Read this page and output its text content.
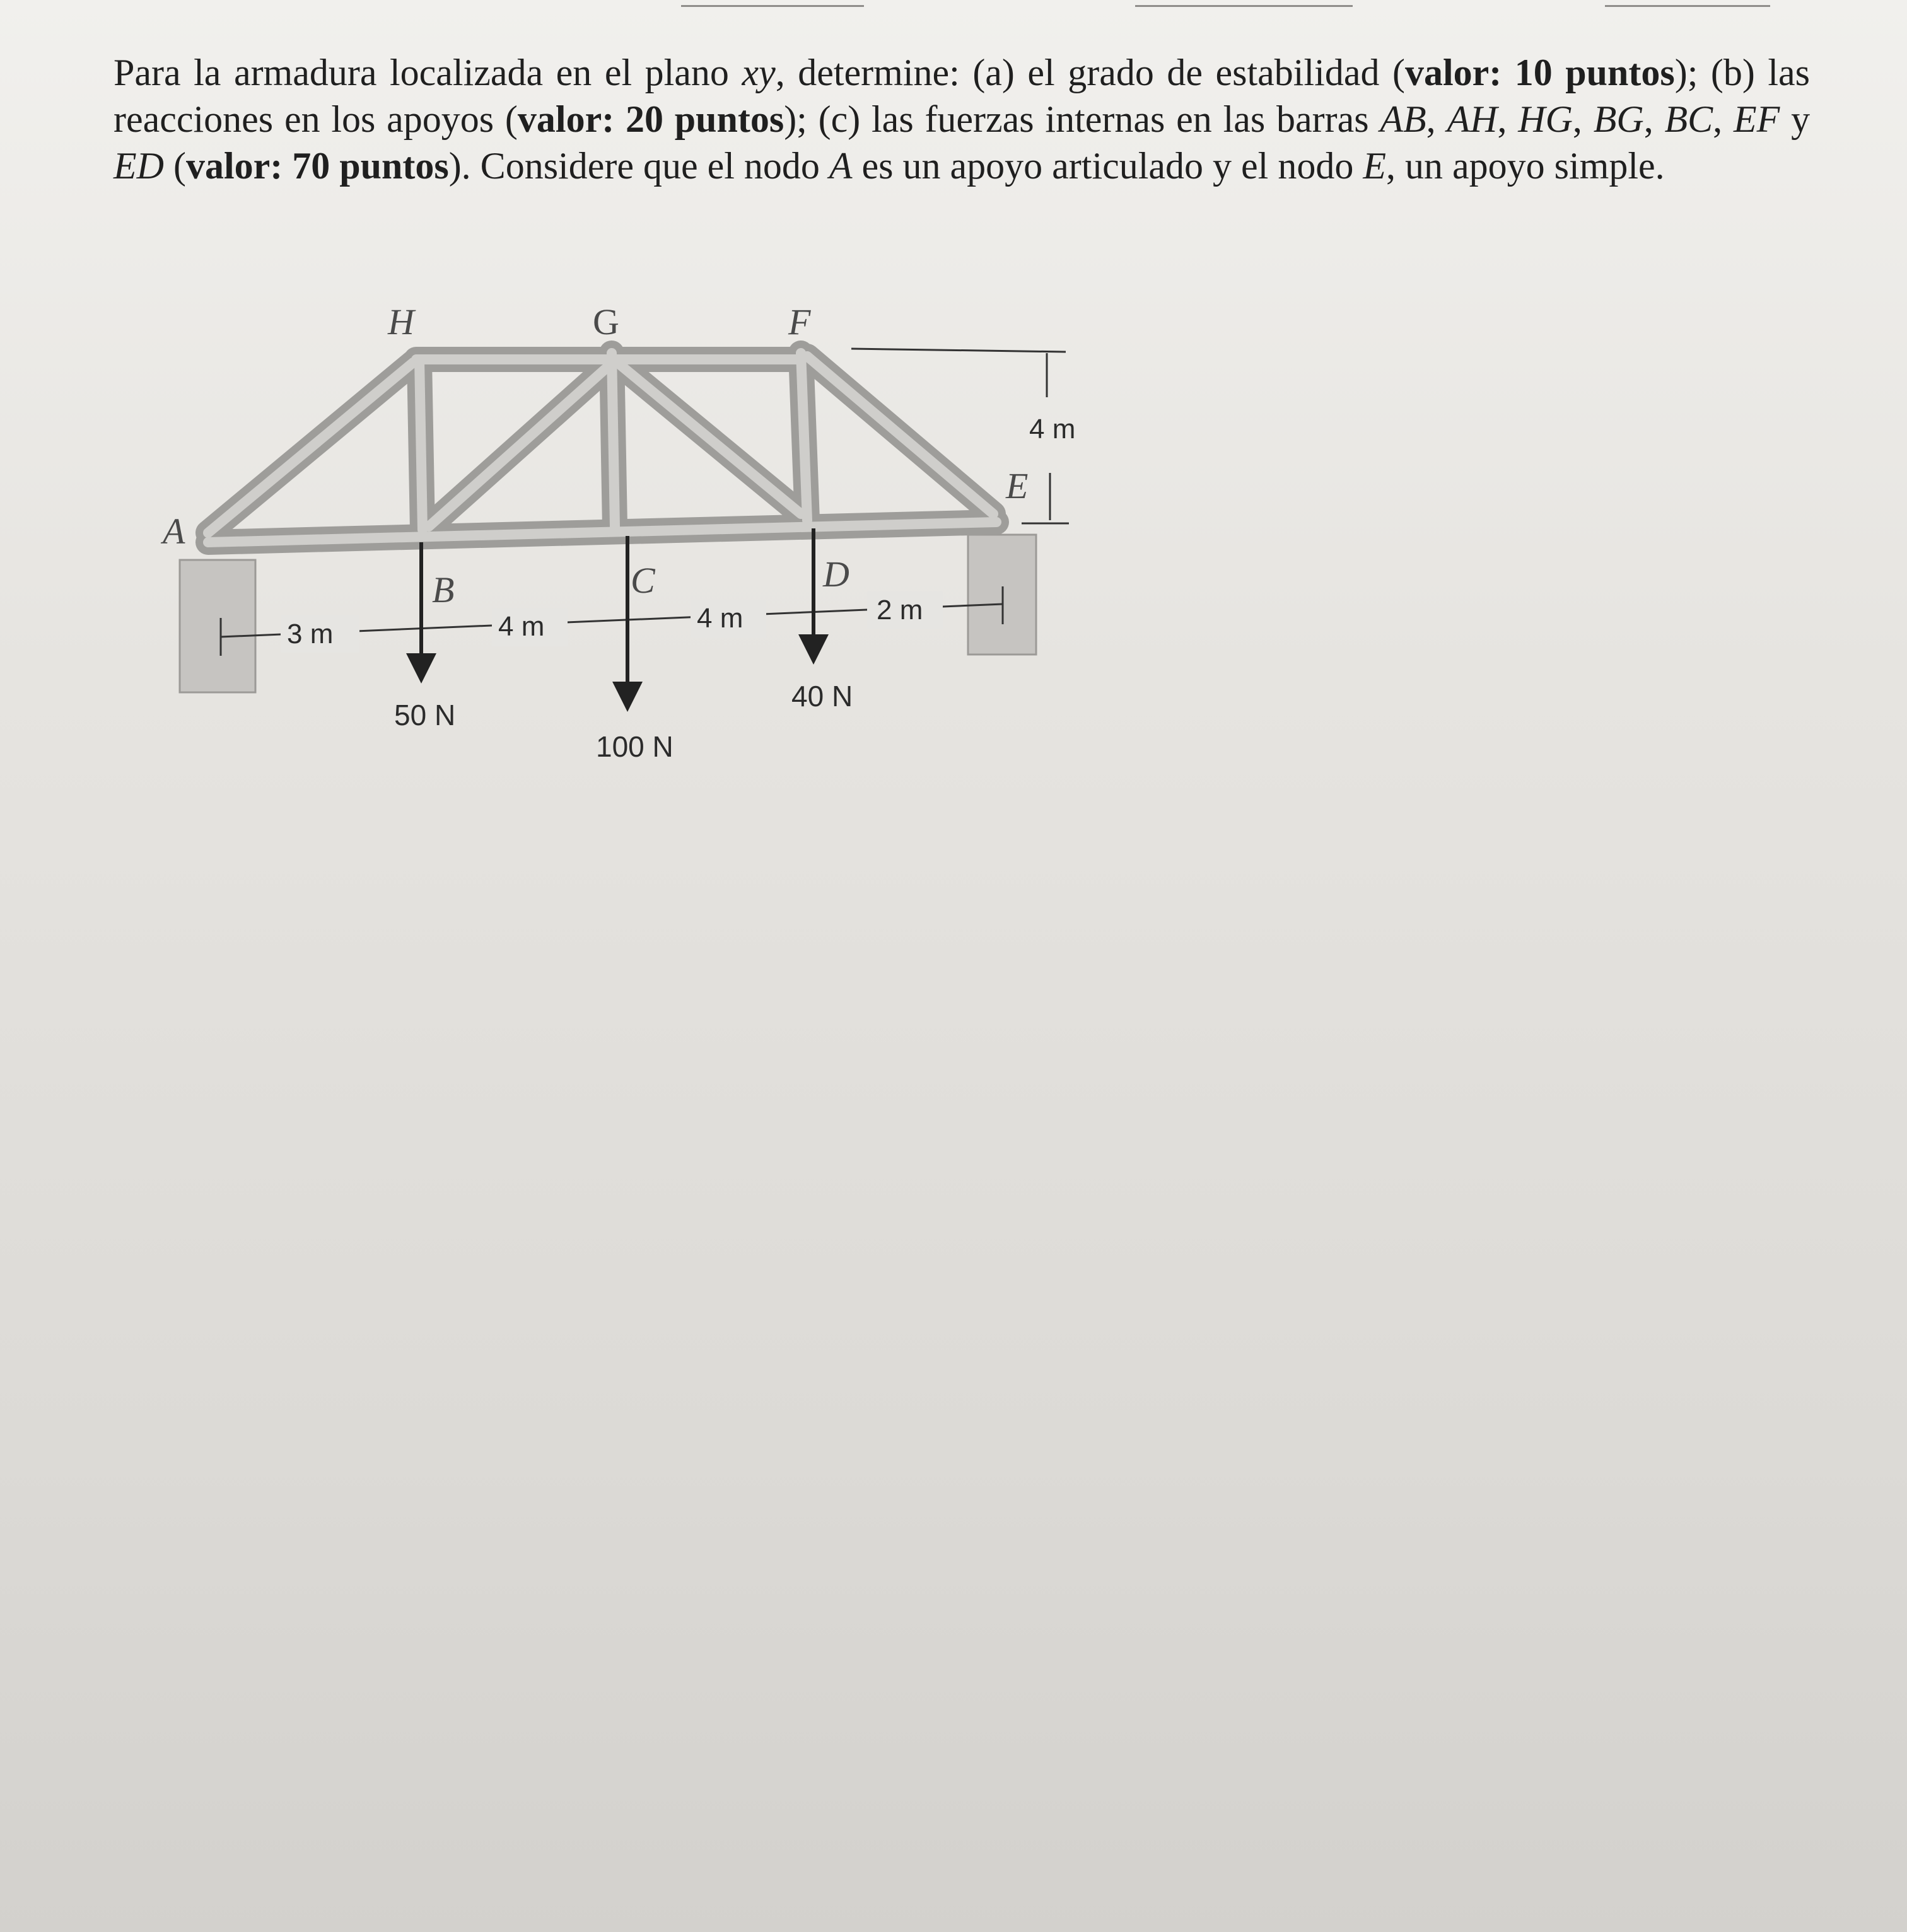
Para la armadura localizada en el plano xy, determine: (a) el grado de estabilidad (valor: 10 puntos); (b) las reacciones en los apoyos (valor: 20 puntos); (c) las fuerzas internas en las barras AB, AH, HG, BG, BC, EF y ED (valor: 70 puntos). Considere que el nodo A es un apoyo articulado y el nodo E, un apoyo simple.

H	G	F
A
E
B	C	D
3 m	4 m	4 m	2 m
4 m
50 N
100 N
40 N
